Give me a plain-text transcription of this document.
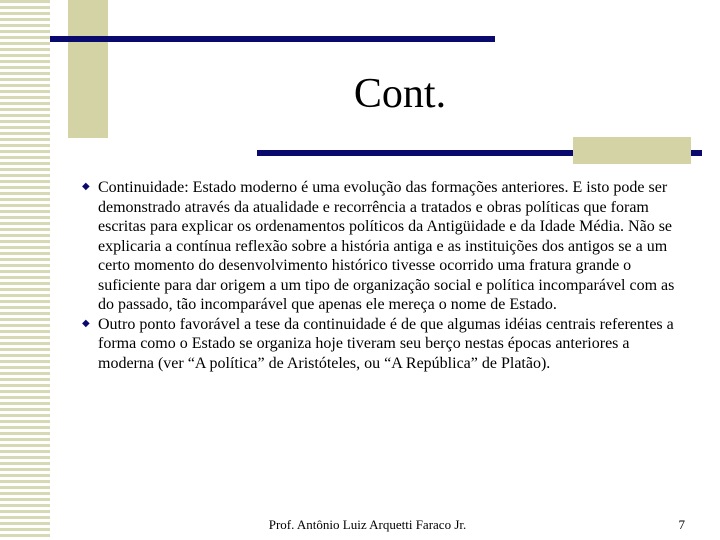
Cont.
◆ Continuidade: Estado moderno é uma evolução das formações anteriores. E isto pode ser demonstrado através da atualidade e recorrência a tratados e obras políticas que foram escritas para explicar os ordenamentos políticos da Antigüidade e da Idade Média. Não se explicaria a contínua reflexão sobre a história antiga e as instituições dos antigos se a um certo momento do desenvolvimento histórico tivesse ocorrido uma fratura grande o suficiente para dar origem a um tipo de organização social e política incomparável com as do passado, tão incomparável que apenas ele mereça o nome de Estado.
◆ Outro ponto favorável a tese da continuidade é de que algumas idéias centrais referentes a forma como o Estado se organiza hoje tiveram seu berço nestas épocas anteriores a moderna (ver “A política” de Aristóteles, ou “A República” de Platão).
Prof. Antônio Luiz Arquetti Faraco Jr.	7
